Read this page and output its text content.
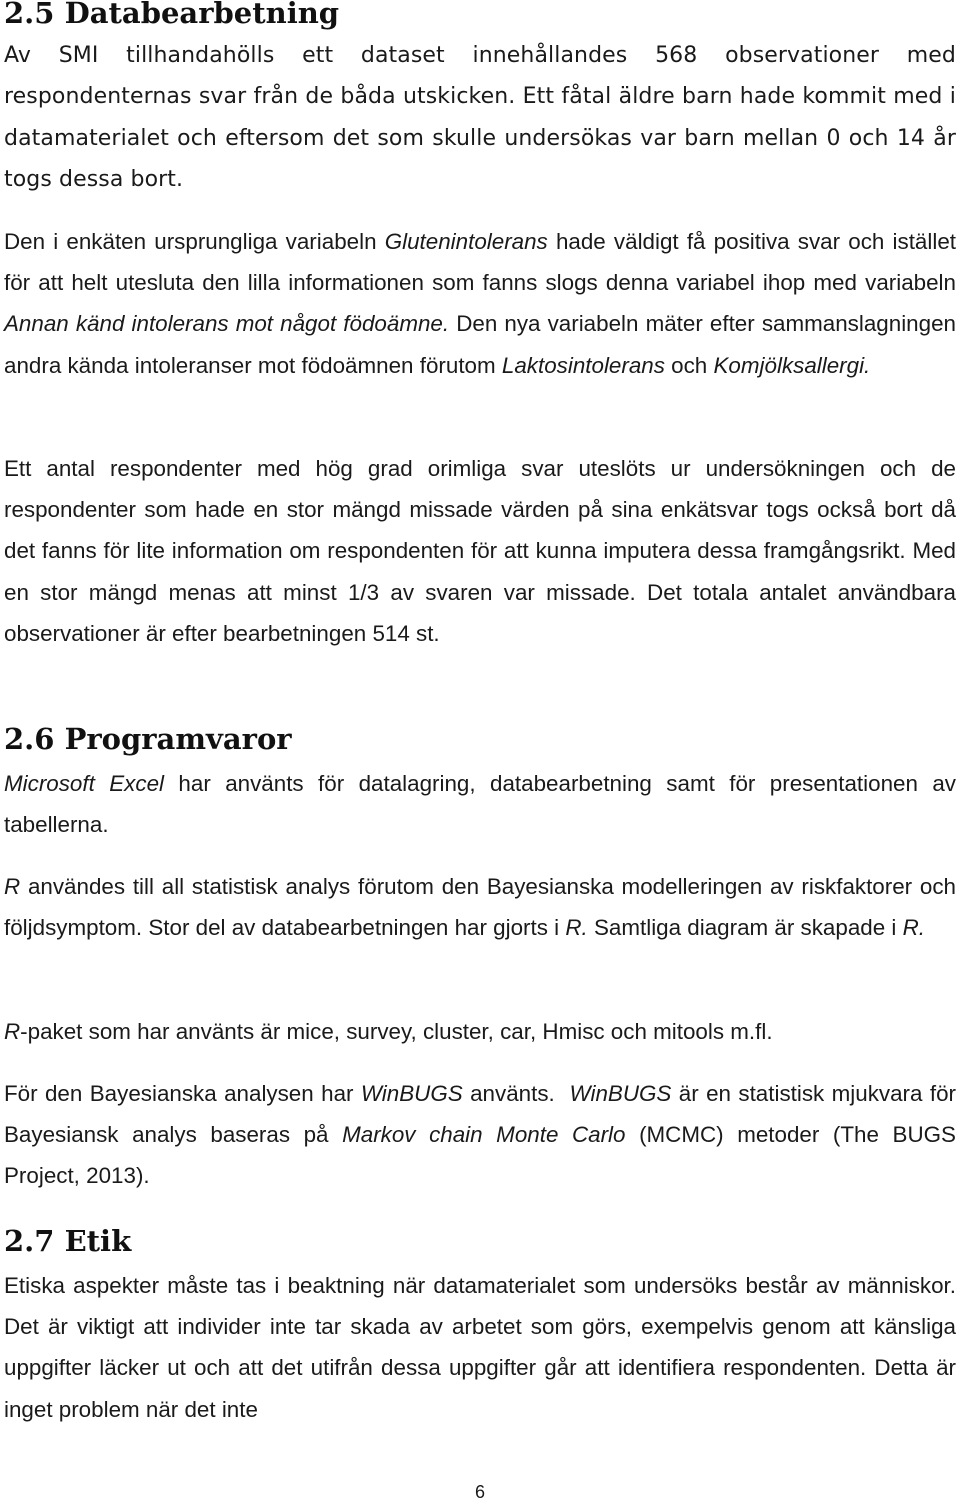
2.5 Databearbetning

Av SMI tillhandahölls ett dataset innehållandes 568 observationer med respondenternas svar från de båda utskicken. Ett fåtal äldre barn hade kommit med i datamaterialet och eftersom det som skulle undersökas var barn mellan 0 och 14 år togs dessa bort.

Den i enkäten ursprungliga variabeln Glutenintolerans hade väldigt få positiva svar och istället för att helt utesluta den lilla informationen som fanns slogs denna variabel ihop med variabeln Annan känd intolerans mot något födoämne. Den nya variabeln mäter efter sammanslagningen andra kända intoleranser mot födoämnen förutom Laktosintolerans och Komjölksallergi.

Ett antal respondenter med hög grad orimliga svar uteslöts ur undersökningen och de respondenter som hade en stor mängd missade värden på sina enkätsvar togs också bort då det fanns för lite information om respondenten för att kunna imputera dessa framgångsrikt. Med en stor mängd menas att minst 1/3 av svaren var missade. Det totala antalet användbara observationer är efter bearbetningen 514 st.

2.6 Programvaror

Microsoft Excel har använts för datalagring, databearbetning samt för presentationen av tabellerna.

R användes till all statistisk analys förutom den Bayesianska modelleringen av riskfaktorer och följdsymptom. Stor del av databearbetningen har gjorts i R. Samtliga diagram är skapade i R.

R-paket som har använts är mice, survey, cluster, car, Hmisc och mitools m.fl.

För den Bayesianska analysen har WinBUGS använts.  WinBUGS är en statistisk mjukvara för Bayesiansk analys baseras på Markov chain Monte Carlo (MCMC) metoder (The BUGS Project, 2013).

2.7 Etik

Etiska aspekter måste tas i beaktning när datamaterialet som undersöks består av människor. Det är viktigt att individer inte tar skada av arbetet som görs, exempelvis genom att känsliga uppgifter läcker ut och att det utifrån dessa uppgifter går att identifiera respondenten. Detta är inget problem när det inte

6
